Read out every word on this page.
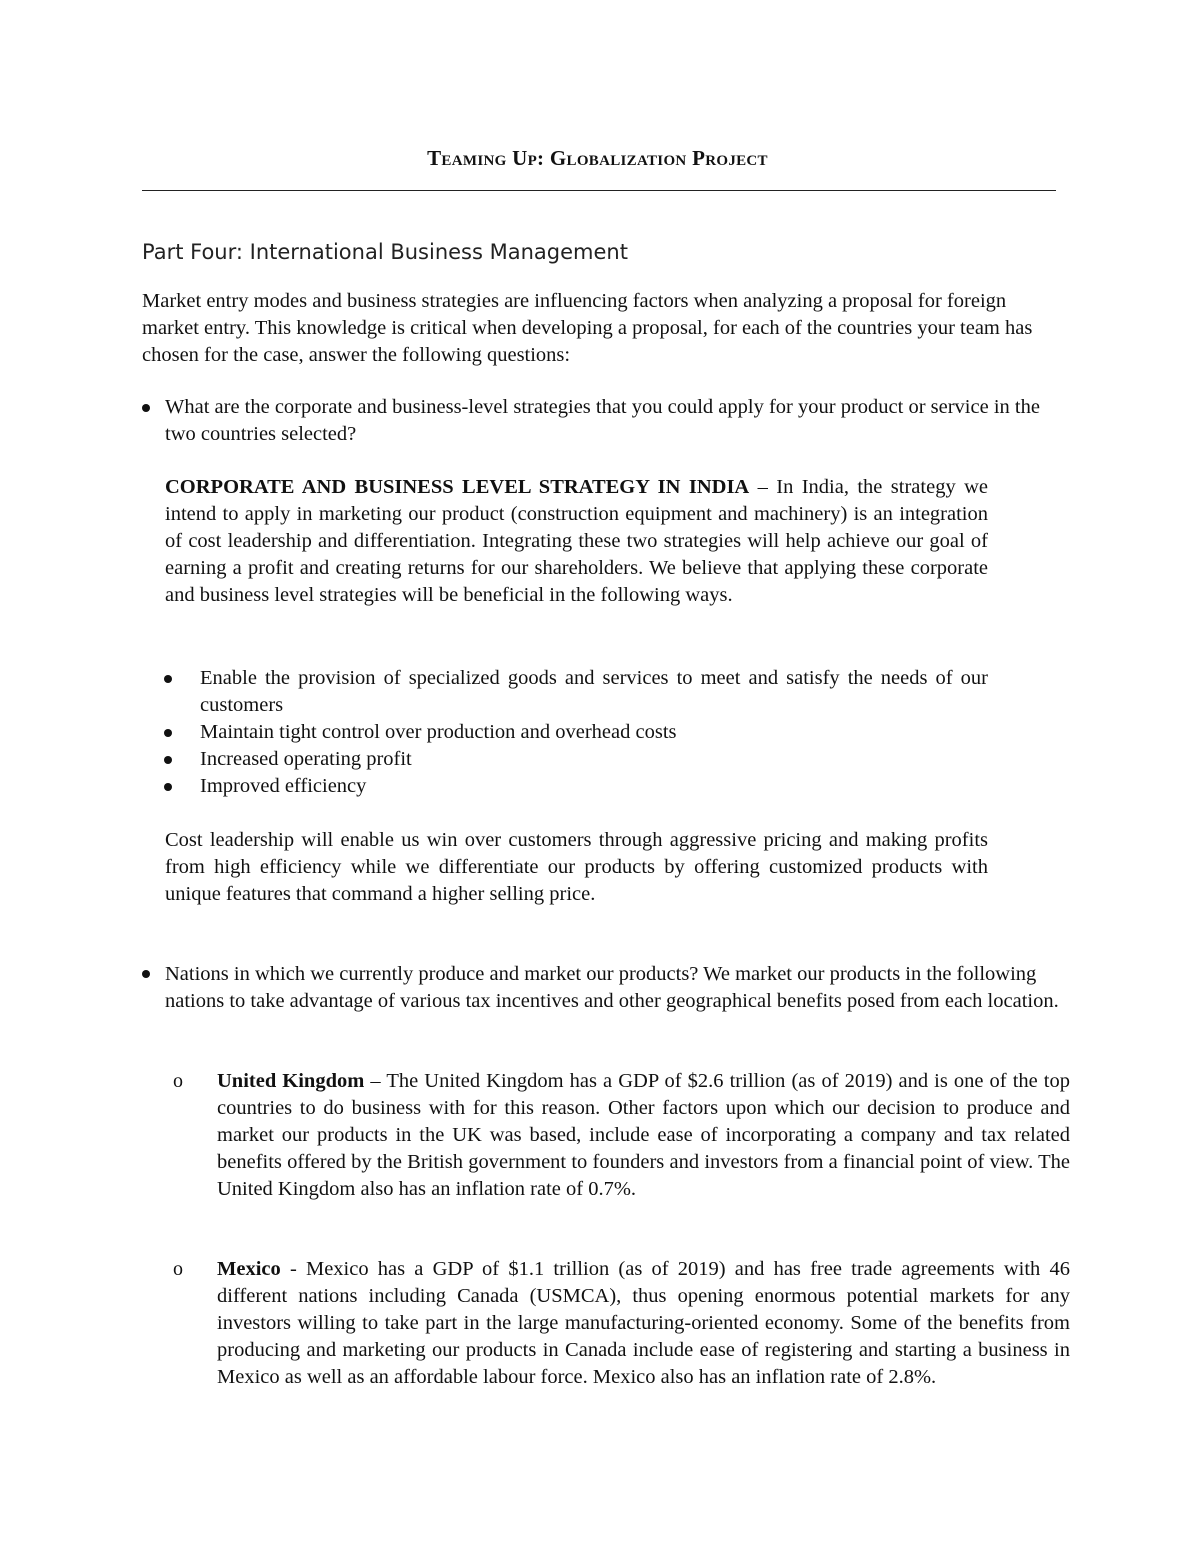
Teaming Up: Globalization Project
Part Four: International Business Management

Market entry modes and business strategies are influencing factors when analyzing a proposal for foreign market entry. This knowledge is critical when developing a proposal, for each of the countries your team has chosen for the case, answer the following questions:

What are the corporate and business-level strategies that you could apply for your product or service in the two countries selected?

CORPORATE AND BUSINESS LEVEL STRATEGY IN INDIA – In India, the strategy we intend to apply in marketing our product (construction equipment and machinery) is an integration of cost leadership and differentiation. Integrating these two strategies will help achieve our goal of earning a profit and creating returns for our shareholders. We believe that applying these corporate and business level strategies will be beneficial in the following ways.

Enable the provision of specialized goods and services to meet and satisfy the needs of our customers
Maintain tight control over production and overhead costs
Increased operating profit
Improved efficiency

Cost leadership will enable us win over customers through aggressive pricing and making profits from high efficiency while we differentiate our products by offering customized products with unique features that command a higher selling price.

Nations in which we currently produce and market our products? We market our products in the following nations to take advantage of various tax incentives and other geographical benefits posed from each location.

o United Kingdom – The United Kingdom has a GDP of $2.6 trillion (as of 2019) and is one of the top countries to do business with for this reason. Other factors upon which our decision to produce and market our products in the UK was based, include ease of incorporating a company and tax related benefits offered by the British government to founders and investors from a financial point of view. The United Kingdom also has an inflation rate of 0.7%.

o Mexico - Mexico has a GDP of $1.1 trillion (as of 2019) and has free trade agreements with 46 different nations including Canada (USMCA), thus opening enormous potential markets for any investors willing to take part in the large manufacturing-oriented economy. Some of the benefits from producing and marketing our products in Canada include ease of registering and starting a business in Mexico as well as an affordable labour force. Mexico also has an inflation rate of 2.8%.
